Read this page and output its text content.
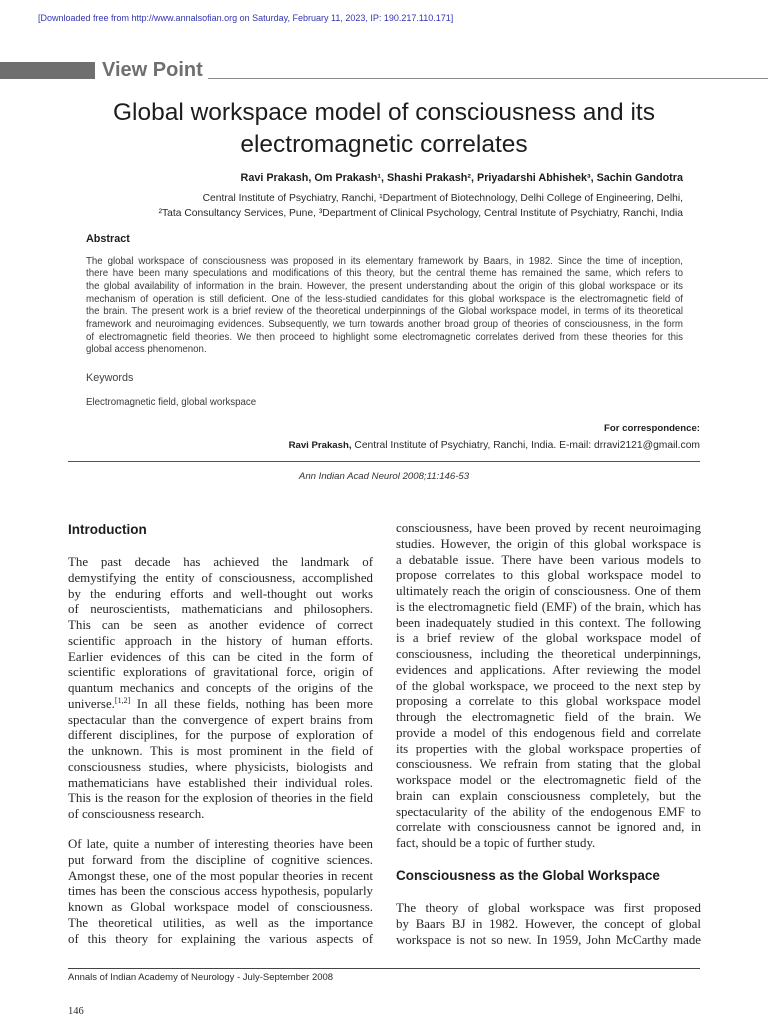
[Downloaded free from http://www.annalsofian.org on Saturday, February 11, 2023, IP: 190.217.110.171]
View Point
Global workspace model of consciousness and its
electromagnetic correlates
Ravi Prakash, Om Prakash¹, Shashi Prakash², Priyadarshi Abhishek³, Sachin Gandotra
Central Institute of Psychiatry, Ranchi, ¹Department of Biotechnology, Delhi College of Engineering, Delhi,
²Tata Consultancy Services, Pune, ³Department of Clinical Psychology, Central Institute of Psychiatry, Ranchi, India
Abstract
The global workspace of consciousness was proposed in its elementary framework by Baars, in 1982. Since the time of inception,
there have been many speculations and modifications of this theory, but the central theme has remained the same, which refers to
the global availability of information in the brain. However, the present understanding about the origin of this global workspace or its
mechanism of operation is still deficient. One of the less-studied candidates for this global workspace is the electromagnetic field of
the brain. The present work is a brief review of the theoretical underpinnings of the Global workspace model, in terms of its theoretical
framework and neuroimaging evidences. Subsequently, we turn towards another broad group of theories of consciousness, in the form
of electromagnetic field theories. We then proceed to highlight some electromagnetic correlates derived from these theories for this
global access phenomenon.
Keywords
Electromagnetic field, global workspace
For correspondence:
Ravi Prakash, Central Institute of Psychiatry, Ranchi, India. E-mail: drravi2121@gmail.com
Ann Indian Acad Neurol 2008;11:146-53
Introduction
The past decade has achieved the landmark of
demystifying the entity of consciousness, accomplished
by the enduring efforts and well-thought out works
of neuroscientists, mathematicians and philosophers.
This can be seen as another evidence of correct
scientific approach in the history of human efforts.
Earlier evidences of this can be cited in the form of
scientific explorations of gravitational force, origin of
quantum mechanics and concepts of the origins of the
universe.[1,2] In all these fields, nothing has been more
spectacular than the convergence of expert brains from
different disciplines, for the purpose of exploration of
the unknown. This is most prominent in the field of
consciousness studies, where physicists, biologists and
mathematicians have established their individual roles.
This is the reason for the explosion of theories in the field
of consciousness research.
Of late, quite a number of interesting theories have been
put forward from the discipline of cognitive sciences.
Amongst these, one of the most popular theories in recent
times has been the conscious access hypothesis, popularly
known as Global workspace model of consciousness.
The theoretical utilities, as well as the importance
of this theory for explaining the various aspects of
consciousness, have been proved by recent neuroimaging
studies. However, the origin of this global workspace is
a debatable issue. There have been various models to
propose correlates to this global workspace model to
ultimately reach the origin of consciousness. One of them
is the electromagnetic field (EMF) of the brain, which has
been inadequately studied in this context. The following
is a brief review of the global workspace model of
consciousness, including the theoretical underpinnings,
evidences and applications. After reviewing the model
of the global workspace, we proceed to the next step by
proposing a correlate to this global workspace model
through the electromagnetic field of the brain. We
provide a model of this endogenous field and correlate
its properties with the global workspace properties of
consciousness. We refrain from stating that the global
workspace model or the electromagnetic field of the
brain can explain consciousness completely, but the
spectacularity of the ability of the endogenous EMF to
correlate with consciousness cannot be ignored and, in
fact, should be a topic of further study.
Consciousness as the Global Workspace
The theory of global workspace was first proposed
by Baars BJ in 1982. However, the concept of global
workspace is not so new. In 1959, John McCarthy made
Annals of Indian Academy of Neurology - July-September 2008
146
